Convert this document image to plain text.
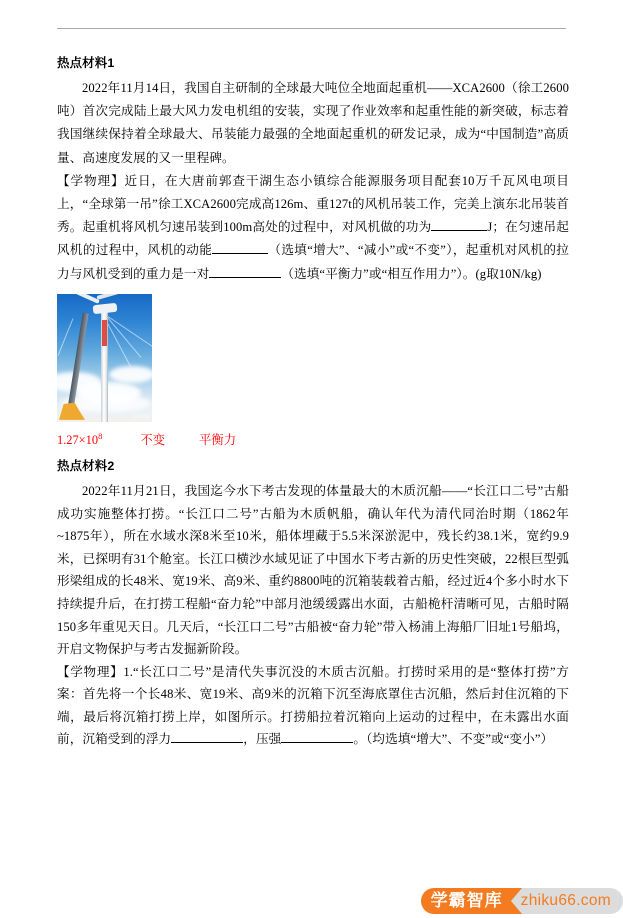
热点材料1

2022年11月14日，我国自主研制的全球最大吨位全地面起重机——XCA2600（徐工2600吨）首次完成陆上最大风力发电机组的安装，实现了作业效率和起重性能的新突破，标志着我国继续保持着全球最大、吊装能力最强的全地面起重机的研发记录，成为“中国制造”高质量、高速度发展的又一里程碑。

【学物理】近日，在大唐前郭查干湖生态小镇综合能源服务项目配套10万千瓦风电项目上，“全球第一吊”徐工XCA2600完成高126m、重127t的风机吊装工作，完美上演东北吊装首秀。起重机将风机匀速吊装到100m高处的过程中，对风机做的功为	J；在匀速吊起风机的过程中，风机的动能	（选填“增大”、“减小”或“不变”），起重机对风机的拉力与风机受到的重力是一对	（选填“平衡力”或“相互作用力”）。(g取10N/kg)

图片来源

$1.27\times 10^8$	不变	平衡力

热点材料2

2022年11月21日，我国迄今水下考古发现的体量最大的木质沉船——“长江口二号”古船成功实施整体打捞。“长江口二号”古船为木质帆船，确认年代为清代同治时期（1862年~1875年），所在水域水深8米至10米，船体埋藏于5.5米深淤泥中，残长约38.1米，宽约9.9米，已探明有31个舱室。长江口横沙水域见证了中国水下考古新的历史性突破，22根巨型弧形梁组成的长48米、宽19米、高9米、重约8800吨的沉箱装载着古船，经过近4个多小时水下持续提升后，在打捞工程船“奋力轮”中部月池缓缓露出水面，古船桅杆清晰可见，古船时隔150多年重见天日。几天后，“长江口二号”古船被“奋力轮”带入杨浦上海船厂旧址1号船坞，开启文物保护与考古发掘新阶段。

【学物理】1.“长江口二号”是清代失事沉没的木质古沉船。打捞时采用的是“整体打捞”方案：首先将一个长48米、宽19米、高9米的沉箱下沉至海底罩住古沉船，然后封住沉箱的下端，最后将沉箱打捞上岸，如图所示。打捞船拉着沉箱向上运动的过程中，在未露出水面前，沉箱受到的浮力	，压强	。（均选填“增大”、不变”或“变小”）

学霸智库	zhiku66.com
